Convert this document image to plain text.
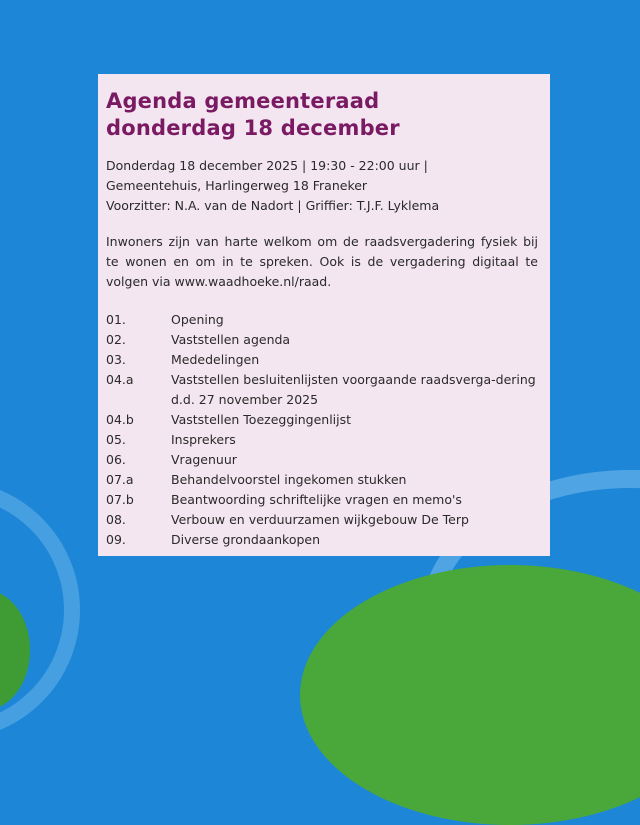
Agenda gemeenteraad
donderdag 18 december
Donderdag 18 december 2025 | 19:30 - 22:00 uur |
Gemeentehuis, Harlingerweg 18 Franeker
Voorzitter: N.A. van de Nadort | Griffier: T.J.F. Lyklema
Inwoners zijn van harte welkom om de raadsvergadering fysiek bij te wonen en om in te spreken. Ook is de vergadering digitaal te volgen via www.waadhoeke.nl/raad.
01.	Opening
02.	Vaststellen agenda
03.	Mededelingen
04.a	Vaststellen besluitenlijsten voorgaande raadsverga-dering d.d. 27 november 2025
04.b	Vaststellen Toezeggingenlijst
05.	Insprekers
06.	Vragenuur
07.a	Behandelvoorstel ingekomen stukken
07.b	Beantwoording schriftelijke vragen en memo's
08.	Verbouw en verduurzamen wijkgebouw De Terp
09.	Diverse grondaankopen
